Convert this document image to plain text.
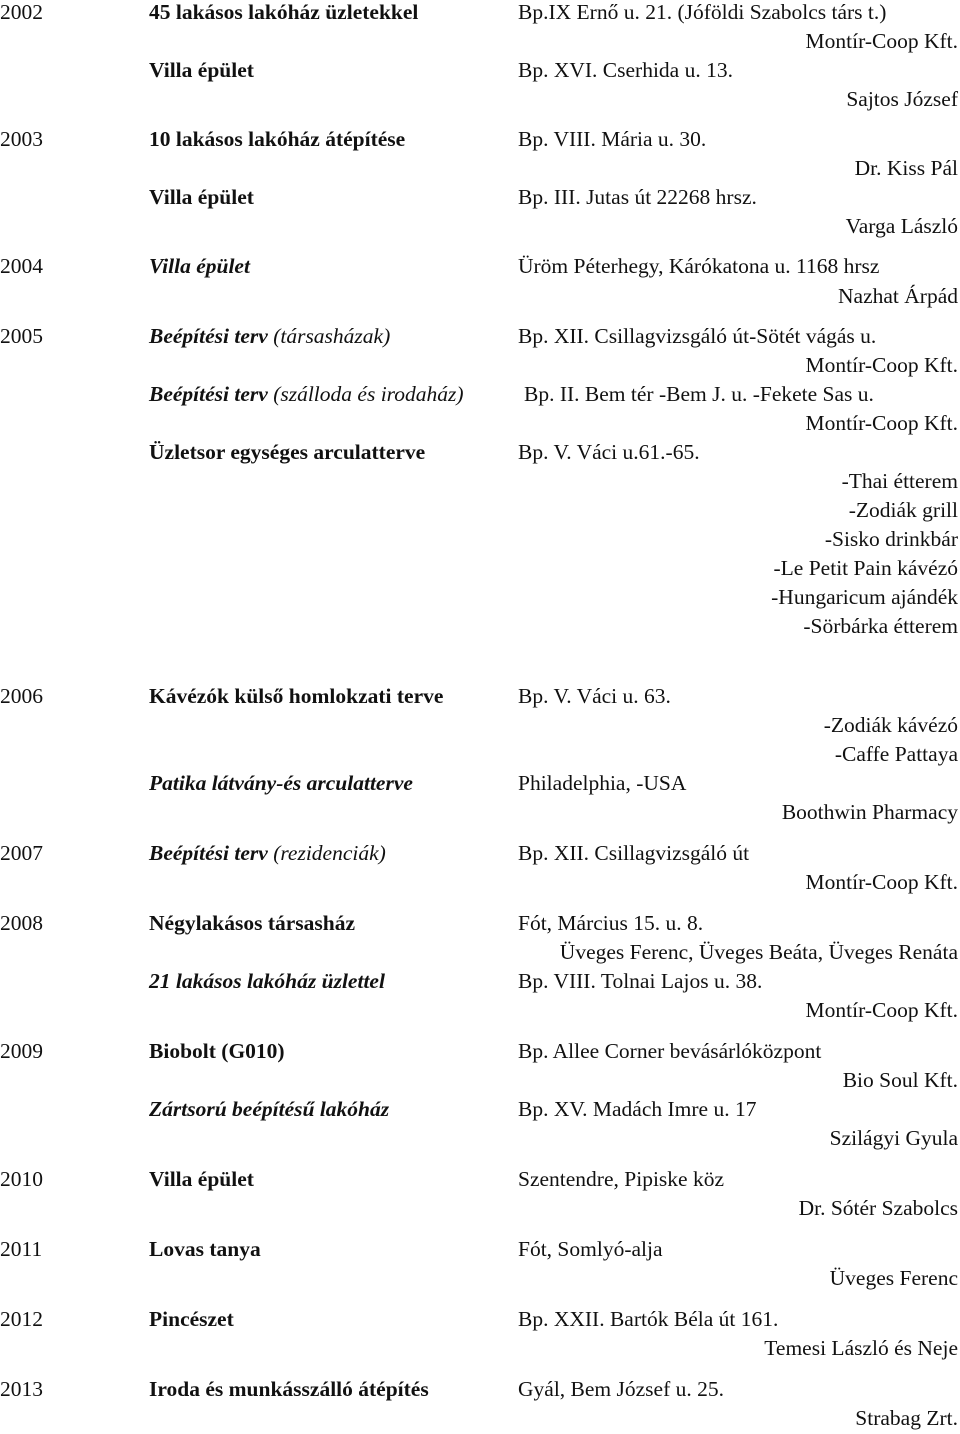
2002	45 lakásos lakóház üzletekkel	Bp.IX Ernő u. 21. (Jóföldi Szabolcs társ t.)
Montír-Coop Kft.
Villa épület	Bp. XVI. Cserhida u. 13.
Sajtos József
2003	10 lakásos lakóház átépítése	Bp. VIII. Mária u. 30.
Dr. Kiss Pál
Villa épület	Bp. III. Jutas út 22268 hrsz.
Varga László
2004	Villa épület	Üröm Péterhegy, Kárókatona u. 1168 hrsz
Nazhat Árpád
2005	Beépítési terv (társasházak)	Bp. XII. Csillagvizsgáló út-Sötét vágás u.
Montír-Coop Kft.
Beépítési terv (szálloda és irodaház)	Bp. II. Bem tér -Bem J. u. -Fekete Sas u.
Montír-Coop Kft.
Üzletsor egységes arculatterve	Bp. V. Váci u.61.-65.
-Thai étterem
-Zodiák grill
-Sisko drinkbár
-Le Petit Pain kávézó
-Hungaricum ajándék
-Sörbárka étterem
2006	Kávézók külső homlokzati terve	Bp. V. Váci u. 63.
-Zodiák kávézó
-Caffe Pattaya
Patika látvány-és arculatterve	Philadelphia, -USA
Boothwin Pharmacy
2007	Beépítési terv (rezidenciák)	Bp. XII. Csillagvizsgáló út
Montír-Coop Kft.
2008	Négylakásos társasház	Fót, Március 15. u. 8.
Üveges Ferenc, Üveges Beáta, Üveges Renáta
21 lakásos lakóház üzlettel	Bp. VIII. Tolnai Lajos u. 38.
Montír-Coop Kft.
2009	Biobolt (G010)	Bp. Allee Corner bevásárlóközpont
Bio Soul Kft.
Zártsorú beépítésű lakóház	Bp. XV. Madách Imre u. 17
Szilágyi Gyula
2010	Villa épület	Szentendre, Pipiske köz
Dr. Sótér Szabolcs
2011	Lovas tanya	Fót, Somlyó-alja
Üveges Ferenc
2012	Pincészet	Bp. XXII. Bartók Béla út 161.
Temesi László és Neje
2013	Iroda és munkásszálló átépítés	Gyál, Bem József u. 25.
Strabag Zrt.
